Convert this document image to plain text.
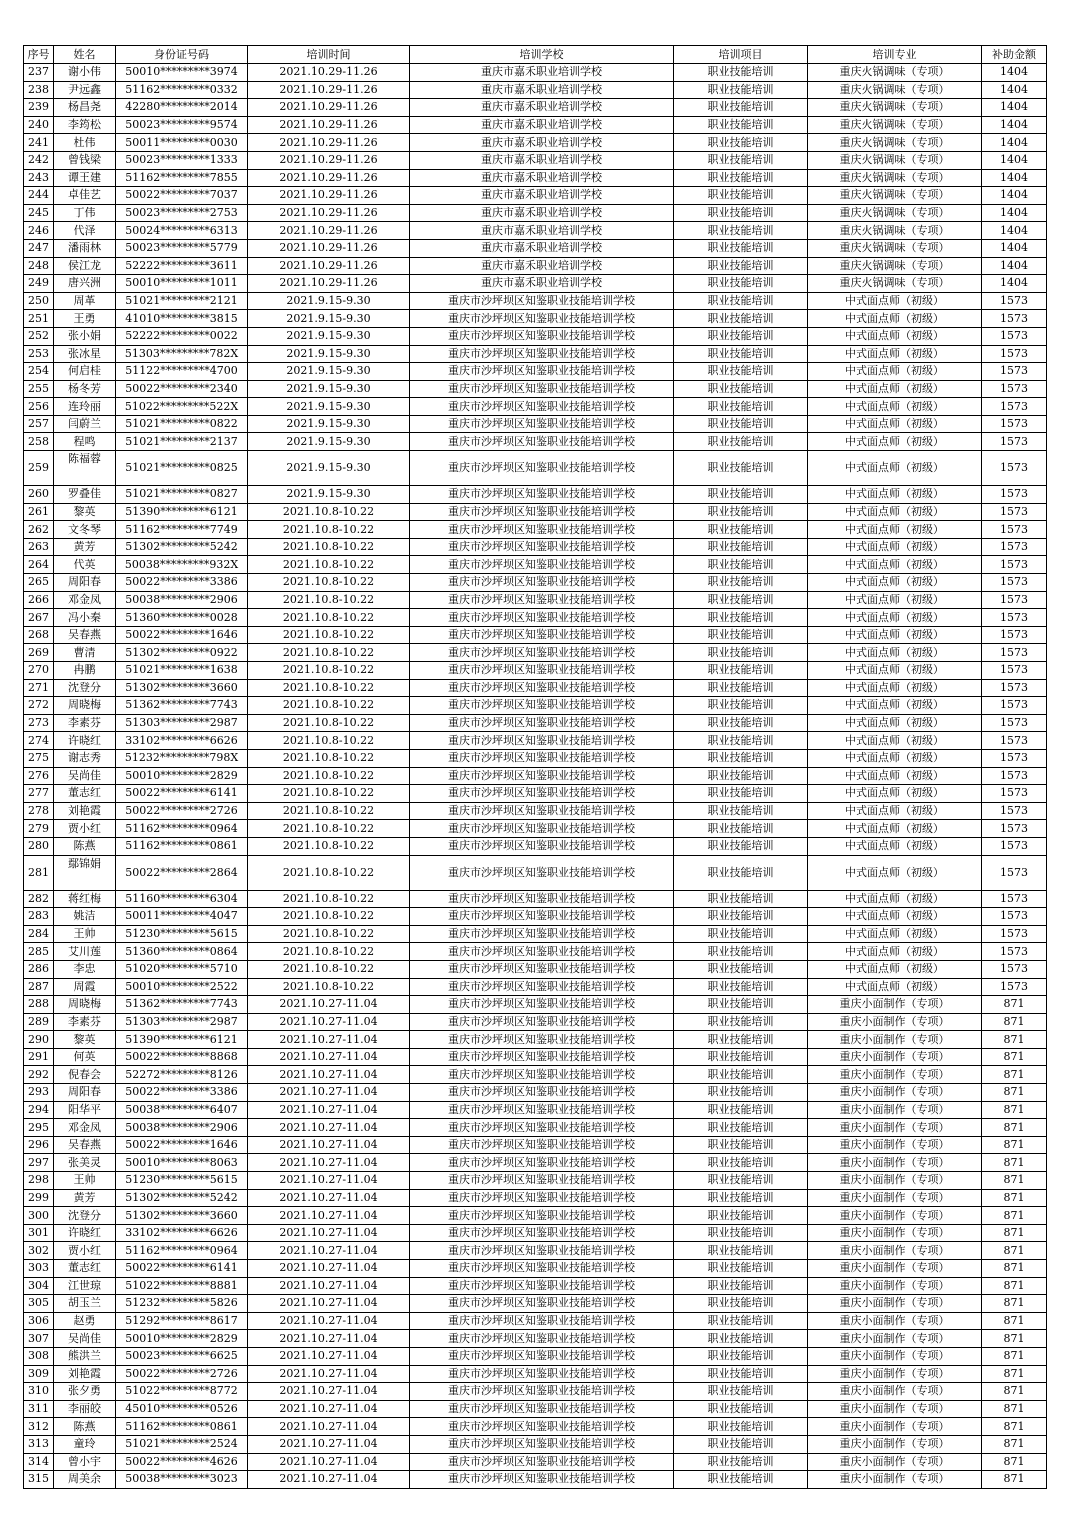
序号	姓名	身份证号码	培训时间	培训学校	培训项目	培训专业	补助金额
237	谢小伟	50010*********3974	2021.10.29-11.26	重庆市嘉禾职业培训学校	职业技能培训	重庆火锅调味（专项）	1404
238	尹远鑫	51162*********0332	2021.10.29-11.26	重庆市嘉禾职业培训学校	职业技能培训	重庆火锅调味（专项）	1404
239	杨昌尧	42280*********2014	2021.10.29-11.26	重庆市嘉禾职业培训学校	职业技能培训	重庆火锅调味（专项）	1404
240	李筠松	50023*********9574	2021.10.29-11.26	重庆市嘉禾职业培训学校	职业技能培训	重庆火锅调味（专项）	1404
241	杜伟	50011*********0030	2021.10.29-11.26	重庆市嘉禾职业培训学校	职业技能培训	重庆火锅调味（专项）	1404
242	曾钱梁	50023*********1333	2021.10.29-11.26	重庆市嘉禾职业培训学校	职业技能培训	重庆火锅调味（专项）	1404
243	谭王建	51162*********7855	2021.10.29-11.26	重庆市嘉禾职业培训学校	职业技能培训	重庆火锅调味（专项）	1404
244	卓佳艺	50022*********7037	2021.10.29-11.26	重庆市嘉禾职业培训学校	职业技能培训	重庆火锅调味（专项）	1404
245	丁伟	50023*********2753	2021.10.29-11.26	重庆市嘉禾职业培训学校	职业技能培训	重庆火锅调味（专项）	1404
246	代泽	50024*********6313	2021.10.29-11.26	重庆市嘉禾职业培训学校	职业技能培训	重庆火锅调味（专项）	1404
247	潘雨林	50023*********5779	2021.10.29-11.26	重庆市嘉禾职业培训学校	职业技能培训	重庆火锅调味（专项）	1404
248	侯江龙	52222*********3611	2021.10.29-11.26	重庆市嘉禾职业培训学校	职业技能培训	重庆火锅调味（专项）	1404
249	唐兴洲	50010*********1011	2021.10.29-11.26	重庆市嘉禾职业培训学校	职业技能培训	重庆火锅调味（专项）	1404
250	周革	51021*********2121	2021.9.15-9.30	重庆市沙坪坝区知鉴职业技能培训学校	职业技能培训	中式面点师（初级）	1573
251	王勇	41010*********3815	2021.9.15-9.30	重庆市沙坪坝区知鉴职业技能培训学校	职业技能培训	中式面点师（初级）	1573
252	张小娟	52222*********0022	2021.9.15-9.30	重庆市沙坪坝区知鉴职业技能培训学校	职业技能培训	中式面点师（初级）	1573
253	张冰星	51303*********782X	2021.9.15-9.30	重庆市沙坪坝区知鉴职业技能培训学校	职业技能培训	中式面点师（初级）	1573
254	何启桂	51122*********4700	2021.9.15-9.30	重庆市沙坪坝区知鉴职业技能培训学校	职业技能培训	中式面点师（初级）	1573
255	杨冬芳	50022*********2340	2021.9.15-9.30	重庆市沙坪坝区知鉴职业技能培训学校	职业技能培训	中式面点师（初级）	1573
256	连玲丽	51022*********522X	2021.9.15-9.30	重庆市沙坪坝区知鉴职业技能培训学校	职业技能培训	中式面点师（初级）	1573
257	闫蔚兰	51021*********0822	2021.9.15-9.30	重庆市沙坪坝区知鉴职业技能培训学校	职业技能培训	中式面点师（初级）	1573
258	程鸣	51021*********2137	2021.9.15-9.30	重庆市沙坪坝区知鉴职业技能培训学校	职业技能培训	中式面点师（初级）	1573
259	陈福蓉	51021*********0825	2021.9.15-9.30	重庆市沙坪坝区知鉴职业技能培训学校	职业技能培训	中式面点师（初级）	1573
260	罗叠佳	51021*********0827	2021.9.15-9.30	重庆市沙坪坝区知鉴职业技能培训学校	职业技能培训	中式面点师（初级）	1573
261	黎英	51390*********6121	2021.10.8-10.22	重庆市沙坪坝区知鉴职业技能培训学校	职业技能培训	中式面点师（初级）	1573
262	文冬琴	51162*********7749	2021.10.8-10.22	重庆市沙坪坝区知鉴职业技能培训学校	职业技能培训	中式面点师（初级）	1573
263	黄芳	51302*********5242	2021.10.8-10.22	重庆市沙坪坝区知鉴职业技能培训学校	职业技能培训	中式面点师（初级）	1573
264	代英	50038*********932X	2021.10.8-10.22	重庆市沙坪坝区知鉴职业技能培训学校	职业技能培训	中式面点师（初级）	1573
265	周阳春	50022*********3386	2021.10.8-10.22	重庆市沙坪坝区知鉴职业技能培训学校	职业技能培训	中式面点师（初级）	1573
266	邓金凤	50038*********2906	2021.10.8-10.22	重庆市沙坪坝区知鉴职业技能培训学校	职业技能培训	中式面点师（初级）	1573
267	冯小秦	51360*********0028	2021.10.8-10.22	重庆市沙坪坝区知鉴职业技能培训学校	职业技能培训	中式面点师（初级）	1573
268	吴春燕	50022*********1646	2021.10.8-10.22	重庆市沙坪坝区知鉴职业技能培训学校	职业技能培训	中式面点师（初级）	1573
269	曹清	51302*********0922	2021.10.8-10.22	重庆市沙坪坝区知鉴职业技能培训学校	职业技能培训	中式面点师（初级）	1573
270	冉鹏	51021*********1638	2021.10.8-10.22	重庆市沙坪坝区知鉴职业技能培训学校	职业技能培训	中式面点师（初级）	1573
271	沈登分	51302*********3660	2021.10.8-10.22	重庆市沙坪坝区知鉴职业技能培训学校	职业技能培训	中式面点师（初级）	1573
272	周晓梅	51362*********7743	2021.10.8-10.22	重庆市沙坪坝区知鉴职业技能培训学校	职业技能培训	中式面点师（初级）	1573
273	李素芬	51303*********2987	2021.10.8-10.22	重庆市沙坪坝区知鉴职业技能培训学校	职业技能培训	中式面点师（初级）	1573
274	许晓红	33102*********6626	2021.10.8-10.22	重庆市沙坪坝区知鉴职业技能培训学校	职业技能培训	中式面点师（初级）	1573
275	谢志秀	51232*********798X	2021.10.8-10.22	重庆市沙坪坝区知鉴职业技能培训学校	职业技能培训	中式面点师（初级）	1573
276	吴尚佳	50010*********2829	2021.10.8-10.22	重庆市沙坪坝区知鉴职业技能培训学校	职业技能培训	中式面点师（初级）	1573
277	董志红	50022*********6141	2021.10.8-10.22	重庆市沙坪坝区知鉴职业技能培训学校	职业技能培训	中式面点师（初级）	1573
278	刘艳霞	50022*********2726	2021.10.8-10.22	重庆市沙坪坝区知鉴职业技能培训学校	职业技能培训	中式面点师（初级）	1573
279	贾小红	51162*********0964	2021.10.8-10.22	重庆市沙坪坝区知鉴职业技能培训学校	职业技能培训	中式面点师（初级）	1573
280	陈燕	51162*********0861	2021.10.8-10.22	重庆市沙坪坝区知鉴职业技能培训学校	职业技能培训	中式面点师（初级）	1573
281	鄢锦娟	50022*********2864	2021.10.8-10.22	重庆市沙坪坝区知鉴职业技能培训学校	职业技能培训	中式面点师（初级）	1573
282	蒋红梅	51160*********6304	2021.10.8-10.22	重庆市沙坪坝区知鉴职业技能培训学校	职业技能培训	中式面点师（初级）	1573
283	姚洁	50011*********4047	2021.10.8-10.22	重庆市沙坪坝区知鉴职业技能培训学校	职业技能培训	中式面点师（初级）	1573
284	王帅	51230*********5615	2021.10.8-10.22	重庆市沙坪坝区知鉴职业技能培训学校	职业技能培训	中式面点师（初级）	1573
285	艾川莲	51360*********0864	2021.10.8-10.22	重庆市沙坪坝区知鉴职业技能培训学校	职业技能培训	中式面点师（初级）	1573
286	李忠	51020*********5710	2021.10.8-10.22	重庆市沙坪坝区知鉴职业技能培训学校	职业技能培训	中式面点师（初级）	1573
287	周霞	50010*********2522	2021.10.8-10.22	重庆市沙坪坝区知鉴职业技能培训学校	职业技能培训	中式面点师（初级）	1573
288	周晓梅	51362*********7743	2021.10.27-11.04	重庆市沙坪坝区知鉴职业技能培训学校	职业技能培训	重庆小面制作（专项）	871
289	李素芬	51303*********2987	2021.10.27-11.04	重庆市沙坪坝区知鉴职业技能培训学校	职业技能培训	重庆小面制作（专项）	871
290	黎英	51390*********6121	2021.10.27-11.04	重庆市沙坪坝区知鉴职业技能培训学校	职业技能培训	重庆小面制作（专项）	871
291	何英	50022*********8868	2021.10.27-11.04	重庆市沙坪坝区知鉴职业技能培训学校	职业技能培训	重庆小面制作（专项）	871
292	倪春会	52272*********8126	2021.10.27-11.04	重庆市沙坪坝区知鉴职业技能培训学校	职业技能培训	重庆小面制作（专项）	871
293	周阳春	50022*********3386	2021.10.27-11.04	重庆市沙坪坝区知鉴职业技能培训学校	职业技能培训	重庆小面制作（专项）	871
294	阳华平	50038*********6407	2021.10.27-11.04	重庆市沙坪坝区知鉴职业技能培训学校	职业技能培训	重庆小面制作（专项）	871
295	邓金凤	50038*********2906	2021.10.27-11.04	重庆市沙坪坝区知鉴职业技能培训学校	职业技能培训	重庆小面制作（专项）	871
296	吴春燕	50022*********1646	2021.10.27-11.04	重庆市沙坪坝区知鉴职业技能培训学校	职业技能培训	重庆小面制作（专项）	871
297	张美灵	50010*********8063	2021.10.27-11.04	重庆市沙坪坝区知鉴职业技能培训学校	职业技能培训	重庆小面制作（专项）	871
298	王帅	51230*********5615	2021.10.27-11.04	重庆市沙坪坝区知鉴职业技能培训学校	职业技能培训	重庆小面制作（专项）	871
299	黄芳	51302*********5242	2021.10.27-11.04	重庆市沙坪坝区知鉴职业技能培训学校	职业技能培训	重庆小面制作（专项）	871
300	沈登分	51302*********3660	2021.10.27-11.04	重庆市沙坪坝区知鉴职业技能培训学校	职业技能培训	重庆小面制作（专项）	871
301	许晓红	33102*********6626	2021.10.27-11.04	重庆市沙坪坝区知鉴职业技能培训学校	职业技能培训	重庆小面制作（专项）	871
302	贾小红	51162*********0964	2021.10.27-11.04	重庆市沙坪坝区知鉴职业技能培训学校	职业技能培训	重庆小面制作（专项）	871
303	董志红	50022*********6141	2021.10.27-11.04	重庆市沙坪坝区知鉴职业技能培训学校	职业技能培训	重庆小面制作（专项）	871
304	江世琼	51022*********8881	2021.10.27-11.04	重庆市沙坪坝区知鉴职业技能培训学校	职业技能培训	重庆小面制作（专项）	871
305	胡玉兰	51232*********5826	2021.10.27-11.04	重庆市沙坪坝区知鉴职业技能培训学校	职业技能培训	重庆小面制作（专项）	871
306	赵勇	51292*********8617	2021.10.27-11.04	重庆市沙坪坝区知鉴职业技能培训学校	职业技能培训	重庆小面制作（专项）	871
307	吴尚佳	50010*********2829	2021.10.27-11.04	重庆市沙坪坝区知鉴职业技能培训学校	职业技能培训	重庆小面制作（专项）	871
308	熊洪兰	50023*********6625	2021.10.27-11.04	重庆市沙坪坝区知鉴职业技能培训学校	职业技能培训	重庆小面制作（专项）	871
309	刘艳霞	50022*********2726	2021.10.27-11.04	重庆市沙坪坝区知鉴职业技能培训学校	职业技能培训	重庆小面制作（专项）	871
310	张夕勇	51022*********8772	2021.10.27-11.04	重庆市沙坪坝区知鉴职业技能培训学校	职业技能培训	重庆小面制作（专项）	871
311	李丽皎	45010*********0526	2021.10.27-11.04	重庆市沙坪坝区知鉴职业技能培训学校	职业技能培训	重庆小面制作（专项）	871
312	陈燕	51162*********0861	2021.10.27-11.04	重庆市沙坪坝区知鉴职业技能培训学校	职业技能培训	重庆小面制作（专项）	871
313	童玲	51021*********2524	2021.10.27-11.04	重庆市沙坪坝区知鉴职业技能培训学校	职业技能培训	重庆小面制作（专项）	871
314	曾小宇	50022*********4626	2021.10.27-11.04	重庆市沙坪坝区知鉴职业技能培训学校	职业技能培训	重庆小面制作（专项）	871
315	周美余	50038*********3023	2021.10.27-11.04	重庆市沙坪坝区知鉴职业技能培训学校	职业技能培训	重庆小面制作（专项）	871
